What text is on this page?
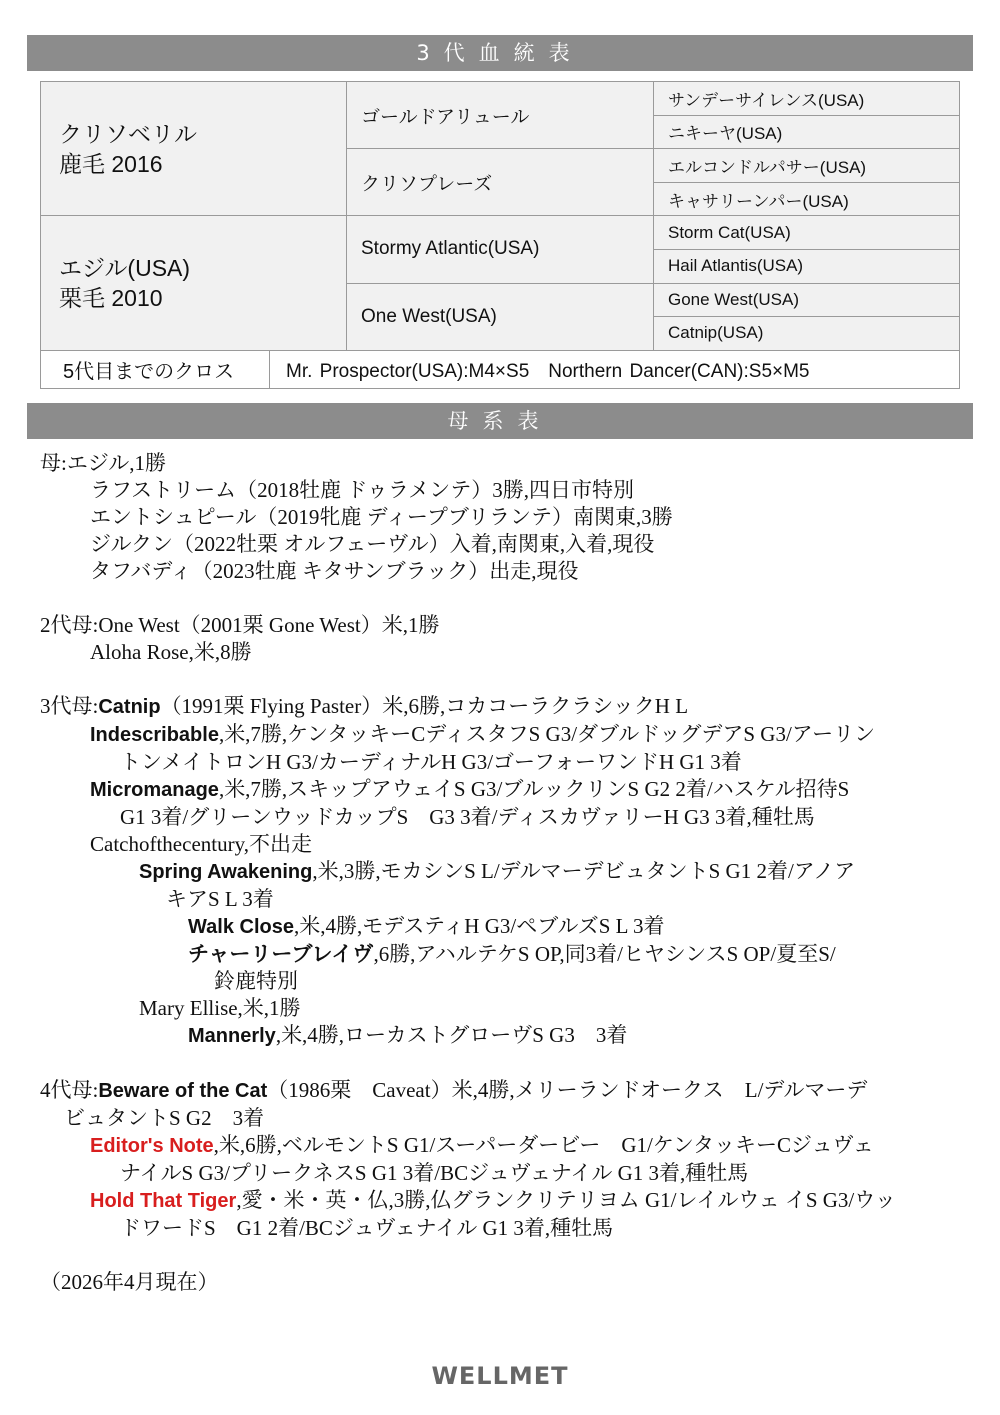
3代血統表
クリソベリル
鹿毛 2016	ゴールドアリュール	サンデーサイレンス(USA)
		ニキーヤ(USA)
	クリソプレーズ	エルコンドルパサー(USA)
		キャサリーンパー(USA)

エジル(USA)
栗毛 2010	Stormy Atlantic(USA)	Storm Cat(USA)
		Hail Atlantis(USA)
	One West(USA)	Gone West(USA)
		Catnip(USA)
5代目までのクロス	Mr. Prospector(USA):M4×S5　Northern Dancer(CAN):S5×M5
母系表
母:エジル,1勝
ラフストリーム（2018牡鹿 ドゥラメンテ）3勝,四日市特別
エントシュピール（2019牝鹿 ディープブリランテ）南関東,3勝
ジルクン（2022牡栗 オルフェーヴル）入着,南関東,入着,現役
タフバディ（2023牡鹿 キタサンブラック）出走,現役
2代母:One West（2001栗 Gone West）米,1勝
Aloha Rose,米,8勝
3代母:Catnip（1991栗 Flying Paster）米,6勝,コカコーラクラシックH L
Indescribable,米,7勝,ケンタッキーCディスタフS G3/ダブルドッグデアS G3/アーリン
トンメイトロンH G3/カーディナルH G3/ゴーフォーワンドH G1 3着
Micromanage,米,7勝,スキップアウェイS G3/ブルックリンS G2 2着/ハスケル招待S
G1 3着/グリーンウッドカップS　G3 3着/ディスカヴァリーH G3 3着,種牡馬
Catchofthecentury,不出走
Spring Awakening,米,3勝,モカシンS L/デルマーデビュタントS G1 2着/アノア
キアS L 3着
Walk Close,米,4勝,モデスティH G3/ペブルズS L 3着
チャーリーブレイヴ,6勝,アハルテケS OP,同3着/ヒヤシンスS OP/夏至S/
鈴鹿特別
Mary Ellise,米,1勝
Mannerly,米,4勝,ローカストグローヴS G3　3着
4代母:Beware of the Cat（1986栗　Caveat）米,4勝,メリーランドオークス　L/デルマーデ
ビュタントS G2　3着
Editor's Note,米,6勝,ベルモントS G1/スーパーダービー　G1/ケンタッキーCジュヴェ
ナイルS G3/プリークネスS G1 3着/BCジュヴェナイル G1 3着,種牡馬
Hold That Tiger,愛・米・英・仏,3勝,仏グランクリテリヨム G1/レイルウェ イS G3/ウッ
ドワードS　G1 2着/BCジュヴェナイル G1 3着,種牡馬
（2026年4月現在）
WELLMET
